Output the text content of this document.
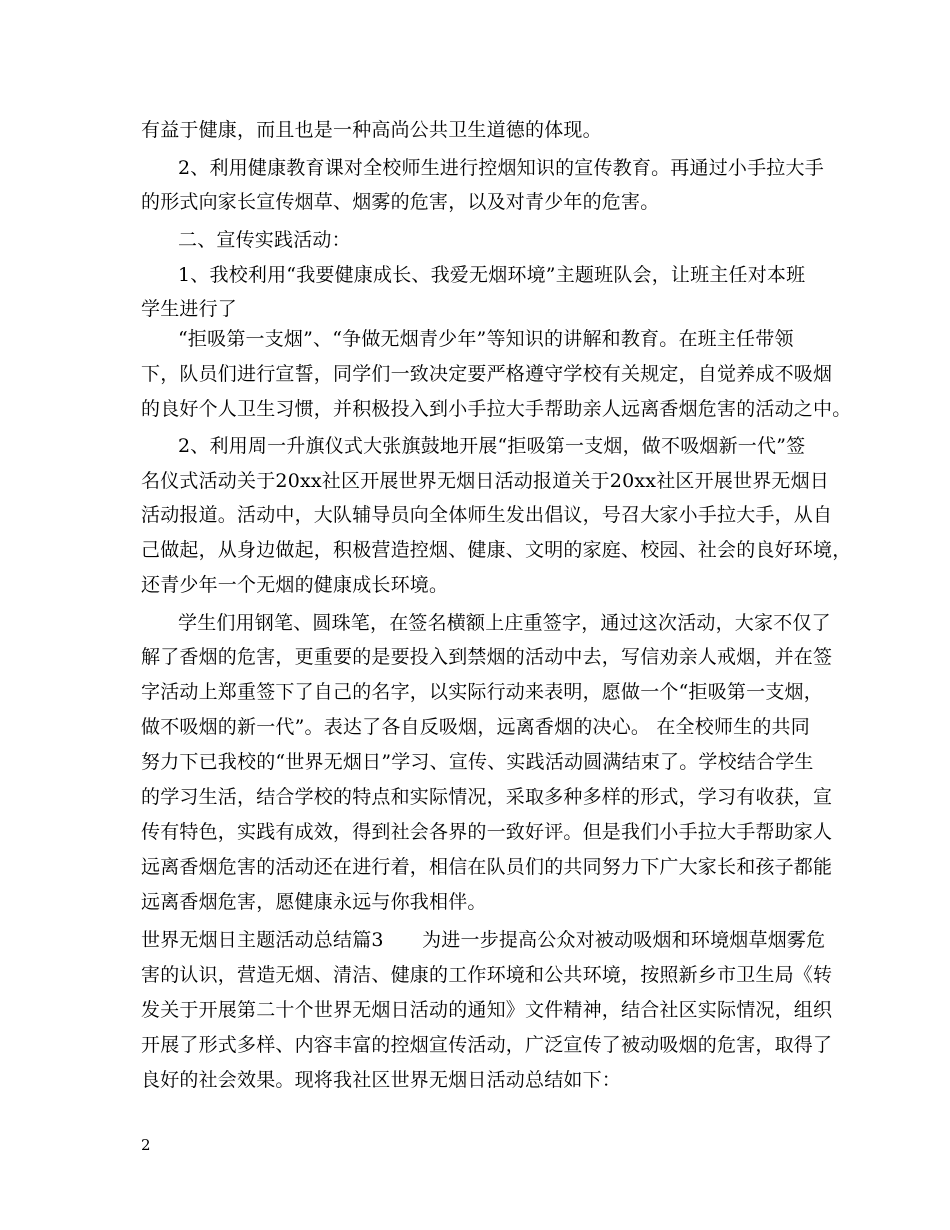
有益于健康，而且也是一种高尚公共卫生道德的体现。
2、利用健康教育课对全校师生进行控烟知识的宣传教育。再通过小手拉大手
的形式向家长宣传烟草、烟雾的危害，以及对青少年的危害。
二、宣传实践活动：
1、我校利用“我要健康成长、我爱无烟环境”主题班队会，让班主任对本班
学生进行了
“拒吸第一支烟”、“争做无烟青少年”等知识的讲解和教育。在班主任带领
下，队员们进行宣誓，同学们一致决定要严格遵守学校有关规定，自觉养成不吸烟
的良好个人卫生习惯，并积极投入到小手拉大手帮助亲人远离香烟危害的活动之中。
2、利用周一升旗仪式大张旗鼓地开展“拒吸第一支烟，做不吸烟新一代”签
名仪式活动关于20xx社区开展世界无烟日活动报道关于20xx社区开展世界无烟日
活动报道。活动中，大队辅导员向全体师生发出倡议，号召大家小手拉大手，从自
己做起，从身边做起，积极营造控烟、健康、文明的家庭、校园、社会的良好环境，
还青少年一个无烟的健康成长环境。
学生们用钢笔、圆珠笔，在签名横额上庄重签字，通过这次活动，大家不仅了
解了香烟的危害，更重要的是要投入到禁烟的活动中去，写信劝亲人戒烟，并在签
字活动上郑重签下了自己的名字，以实际行动来表明，愿做一个“拒吸第一支烟，
做不吸烟的新一代”。表达了各自反吸烟，远离香烟的决心。 在全校师生的共同
努力下已我校的“世界无烟日”学习、宣传、实践活动圆满结束了。学校结合学生
的学习生活，结合学校的特点和实际情况，采取多种多样的形式，学习有收获，宣
传有特色，实践有成效，得到社会各界的一致好评。但是我们小手拉大手帮助家人
远离香烟危害的活动还在进行着，相信在队员们的共同努力下广大家长和孩子都能
远离香烟危害，愿健康永远与你我相伴。
世界无烟日主题活动总结篇3　　为进一步提高公众对被动吸烟和环境烟草烟雾危
害的认识，营造无烟、清洁、健康的工作环境和公共环境，按照新乡市卫生局《转
发关于开展第二十个世界无烟日活动的通知》文件精神，结合社区实际情况，组织
开展了形式多样、内容丰富的控烟宣传活动，广泛宣传了被动吸烟的危害，取得了
良好的社会效果。现将我社区世界无烟日活动总结如下：
2
